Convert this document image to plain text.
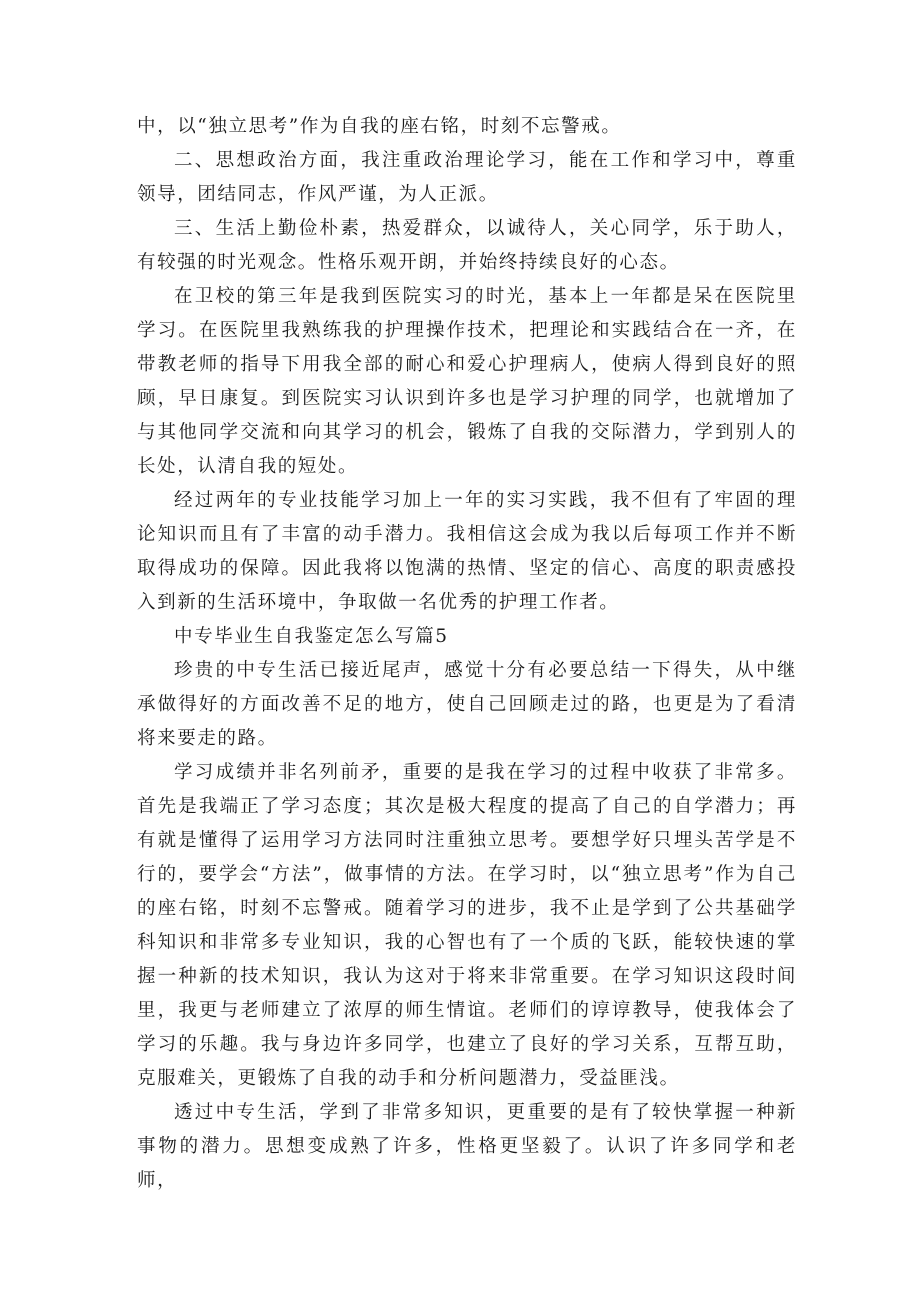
中，以“独立思考”作为自我的座右铭，时刻不忘警戒。

二、思想政治方面，我注重政治理论学习，能在工作和学习中，尊重领导，团结同志，作风严谨，为人正派。

三、生活上勤俭朴素，热爱群众，以诚待人，关心同学，乐于助人，有较强的时光观念。性格乐观开朗，并始终持续良好的心态。

在卫校的第三年是我到医院实习的时光，基本上一年都是呆在医院里学习。在医院里我熟练我的护理操作技术，把理论和实践结合在一齐，在带教老师的指导下用我全部的耐心和爱心护理病人，使病人得到良好的照顾，早日康复。到医院实习认识到许多也是学习护理的同学，也就增加了与其他同学交流和向其学习的机会，锻炼了自我的交际潜力，学到别人的长处，认清自我的短处。

经过两年的专业技能学习加上一年的实习实践，我不但有了牢固的理论知识而且有了丰富的动手潜力。我相信这会成为我以后每项工作并不断取得成功的保障。因此我将以饱满的热情、坚定的信心、高度的职责感投入到新的生活环境中，争取做一名优秀的护理工作者。

中专毕业生自我鉴定怎么写篇5

珍贵的中专生活已接近尾声，感觉十分有必要总结一下得失，从中继承做得好的方面改善不足的地方，使自己回顾走过的路，也更是为了看清将来要走的路。

学习成绩并非名列前矛，重要的是我在学习的过程中收获了非常多。首先是我端正了学习态度；其次是极大程度的提高了自己的自学潜力；再有就是懂得了运用学习方法同时注重独立思考。要想学好只埋头苦学是不行的，要学会“方法”，做事情的方法。在学习时，以“独立思考”作为自己的座右铭，时刻不忘警戒。随着学习的进步，我不止是学到了公共基础学科知识和非常多专业知识，我的心智也有了一个质的飞跃，能较快速的掌握一种新的技术知识，我认为这对于将来非常重要。在学习知识这段时间里，我更与老师建立了浓厚的师生情谊。老师们的谆谆教导，使我体会了学习的乐趣。我与身边许多同学，也建立了良好的学习关系，互帮互助，克服难关，更锻炼了自我的动手和分析问题潜力，受益匪浅。

透过中专生活，学到了非常多知识，更重要的是有了较快掌握一种新事物的潜力。思想变成熟了许多，性格更坚毅了。认识了许多同学和老师，
